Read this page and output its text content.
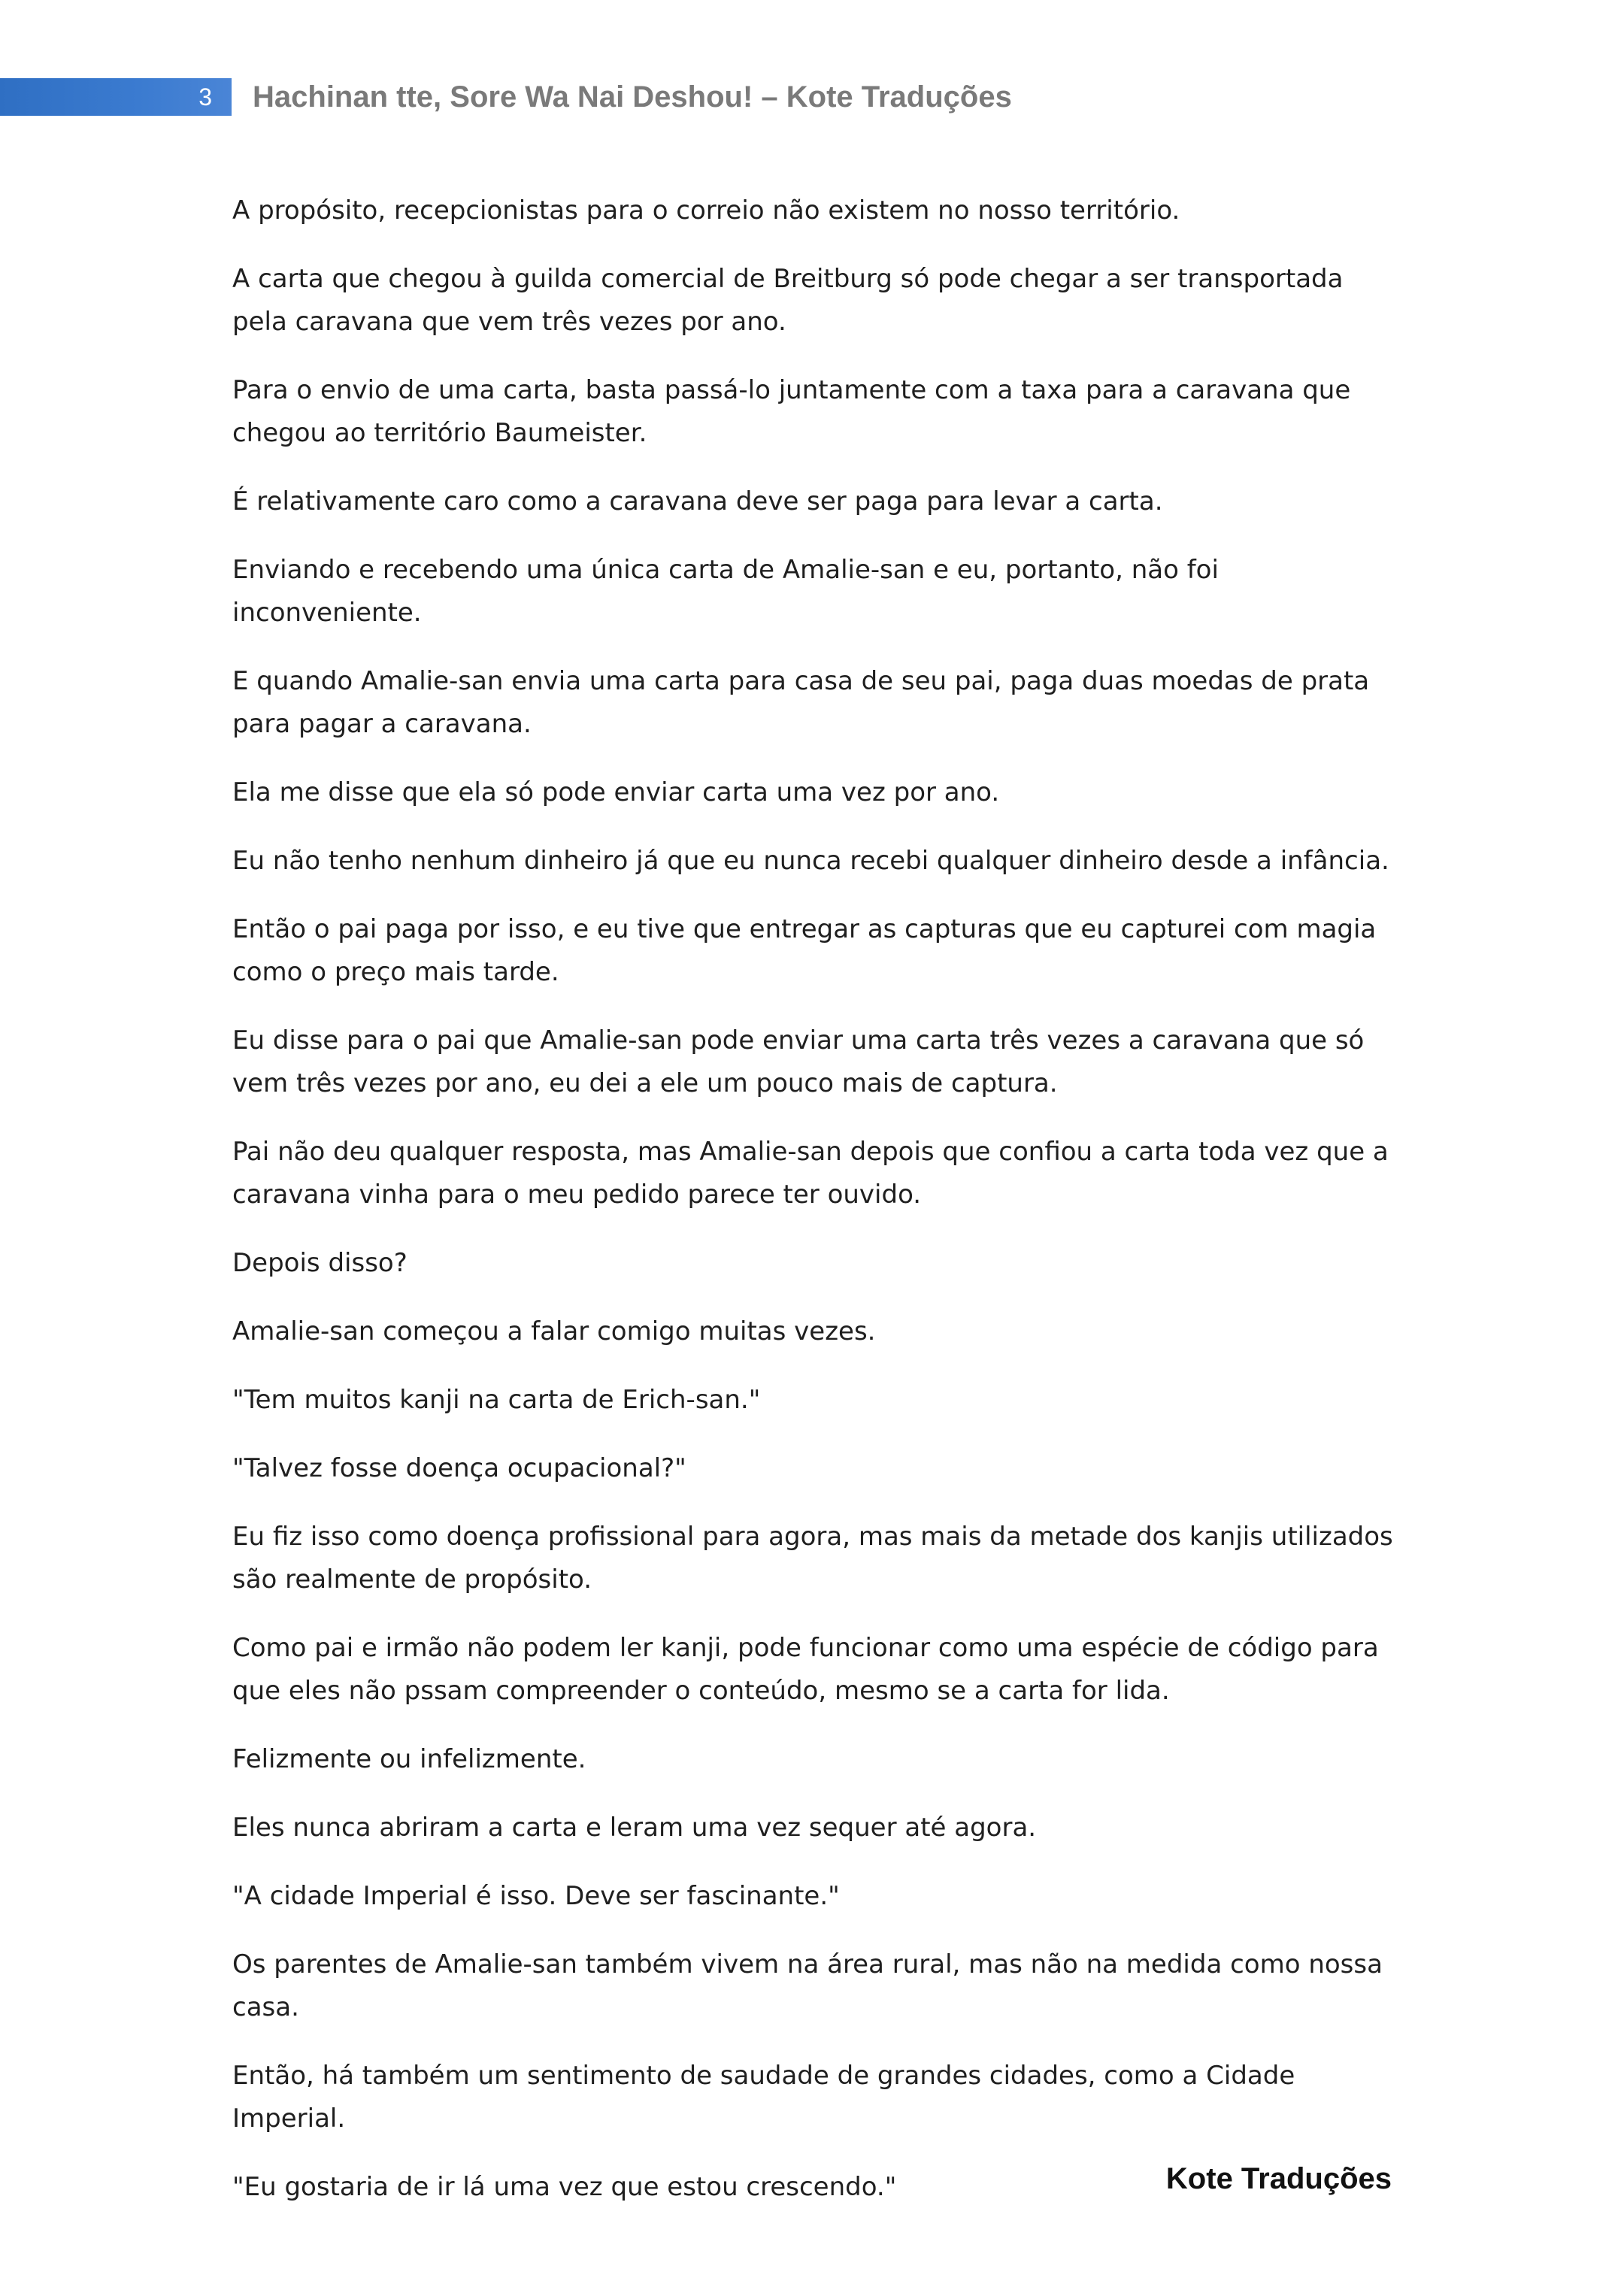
3 Hachinan tte, Sore Wa Nai Deshou! – Kote Traduções

A propósito, recepcionistas para o correio não existem no nosso território.

A carta que chegou à guilda comercial de Breitburg só pode chegar a ser transportada pela caravana que vem três vezes por ano.

Para o envio de uma carta, basta passá-lo juntamente com a taxa para a caravana que chegou ao território Baumeister.

É relativamente caro como a caravana deve ser paga para levar a carta.

Enviando e recebendo uma única carta de Amalie-san e eu, portanto, não foi inconveniente.

E quando Amalie-san envia uma carta para casa de seu pai, paga duas moedas de prata para pagar a caravana.

Ela me disse que ela só pode enviar carta uma vez por ano.

Eu não tenho nenhum dinheiro já que eu nunca recebi qualquer dinheiro desde a infância.

Então o pai paga por isso, e eu tive que entregar as capturas que eu capturei com magia como o preço mais tarde.

Eu disse para o pai que Amalie-san pode enviar uma carta três vezes a caravana que só vem três vezes por ano, eu dei a ele um pouco mais de captura.

Pai não deu qualquer resposta, mas Amalie-san depois que confiou a carta toda vez que a caravana vinha para o meu pedido parece ter ouvido.

Depois disso?

Amalie-san começou a falar comigo muitas vezes.

"Tem muitos kanji na carta de Erich-san."

"Talvez fosse doença ocupacional?"

Eu fiz isso como doença profissional para agora, mas mais da metade dos kanjis utilizados são realmente de propósito.

Como pai e irmão não podem ler kanji, pode funcionar como uma espécie de código para que eles não pssam compreender o conteúdo, mesmo se a carta for lida.

Felizmente ou infelizmente.

Eles nunca abriram a carta e leram uma vez sequer até agora.

"A cidade Imperial é isso. Deve ser fascinante."

Os parentes de Amalie-san também vivem na área rural, mas não na medida como nossa casa.

Então, há também um sentimento de saudade de grandes cidades, como a Cidade Imperial.

"Eu gostaria de ir lá uma vez que estou crescendo."	Kote Traduções
